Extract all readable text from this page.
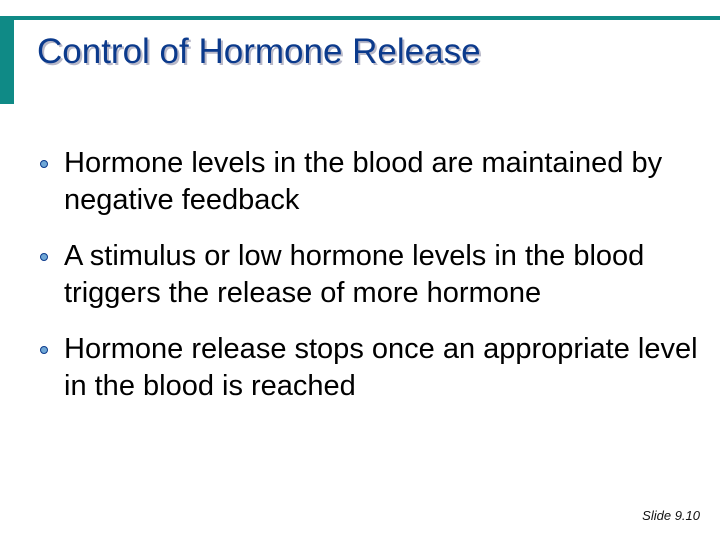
Control of Hormone Release
Hormone levels in the blood are maintained by negative feedback
A stimulus or low hormone levels in the blood triggers the release of more hormone
Hormone release stops once an appropriate level in the blood is reached
Slide 9.10
